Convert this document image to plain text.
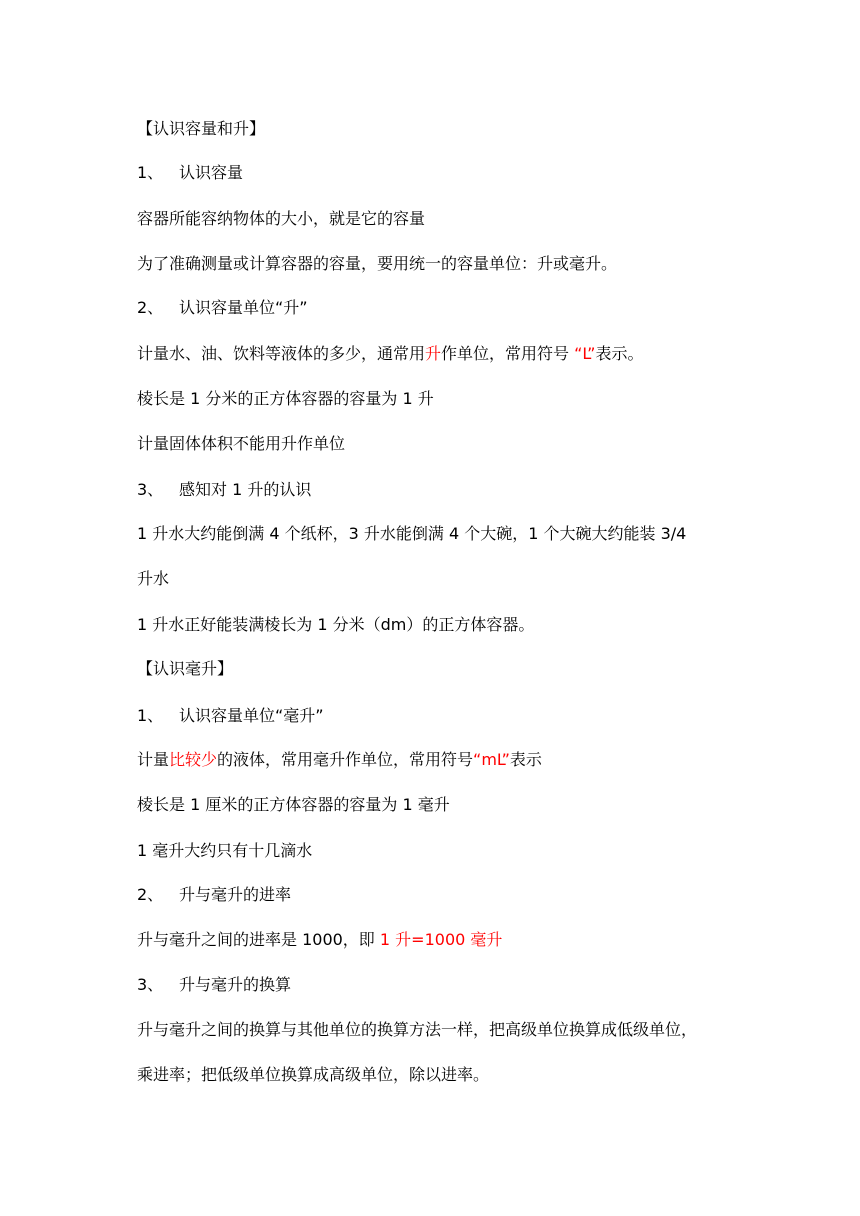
【认识容量和升】
1、 认识容量
容器所能容纳物体的大小，就是它的容量
为了准确测量或计算容器的容量，要用统一的容量单位：升或毫升。
2、 认识容量单位“升”
计量水、油、饮料等液体的多少，通常用升作单位，常用符号 “L”表示。
棱长是 1 分米的正方体容器的容量为 1 升
计量固体体积不能用升作单位
3、 感知对 1 升的认识
1 升水大约能倒满 4 个纸杯，3 升水能倒满 4 个大碗，1 个大碗大约能装 3/4
升水
1 升水正好能装满棱长为 1 分米（dm）的正方体容器。
【认识毫升】
1、 认识容量单位“毫升”
计量比较少的液体，常用毫升作单位，常用符号“mL”表示
棱长是 1 厘米的正方体容器的容量为 1 毫升
1 毫升大约只有十几滴水
2、 升与毫升的进率
升与毫升之间的进率是 1000，即 1 升=1000 毫升
3、 升与毫升的换算
升与毫升之间的换算与其他单位的换算方法一样，把高级单位换算成低级单位，
乘进率；把低级单位换算成高级单位，除以进率。
